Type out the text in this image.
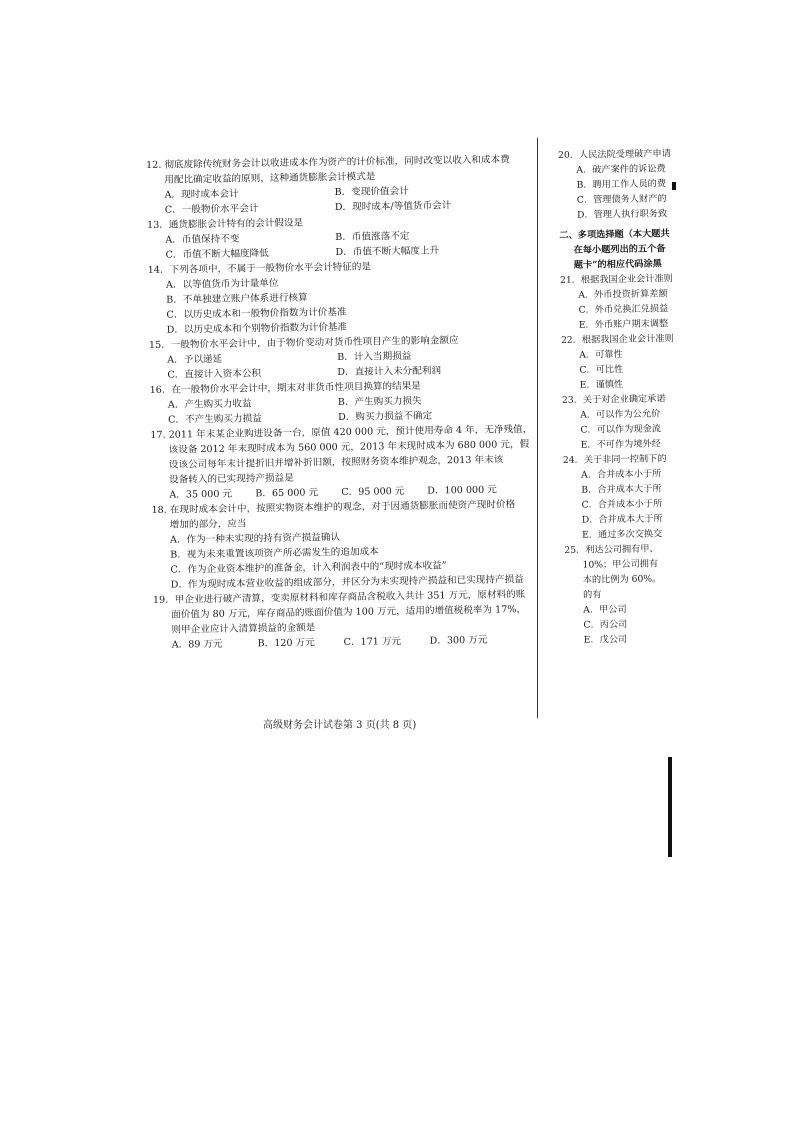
12. 彻底废除传统财务会计以收进成本作为资产的计价标准，同时改变以收入和成本费
用配比确定收益的原则，这种通货膨胀会计模式是
A．现时成本会计	B．变现价值会计
C．一般物价水平会计	D．现时成本/等值货币会计
13．通货膨胀会计特有的会计假设是
A．币值保持不变	B．币值涨落不定
C．币值不断大幅度降低	D．币值不断大幅度上升
14．下列各项中，不属于一般物价水平会计特征的是
A．以等值货币为计量单位
B．不单独建立账户体系进行核算
C．以历史成本和一般物价指数为计价基准
D．以历史成本和个别物价指数为计价基准
15．一般物价水平会计中，由于物价变动对货币性项目产生的影响金额应
A．予以递延	B．计入当期损益
C．直接计入资本公积	D．直接计入未分配利润
16．在一般物价水平会计中，期末对非货币性项目换算的结果是
A．产生购买力收益	B．产生购买力损失
C．不产生购买力损益	D．购买力损益不确定
17. 2011 年末某企业购进设备一台，原值 420 000 元，预计使用寿命 4 年，无净残值，
该设备 2012 年末现时成本为 560 000 元，2013 年末现时成本为 680 000 元，假
设该公司每年末计提折旧并增补折旧额，按照财务资本维护观念，2013 年末该
设备转入的已实现持产损益是
A．35 000 元	B．65 000 元	C．95 000 元	D．100 000 元
18. 在现时成本会计中，按照实物资本维护的观念，对于因通货膨胀而使资产现时价格
增加的部分，应当
A．作为一种未实现的持有资产损益确认
B．视为未来重置该项资产所必需发生的追加成本
C．作为企业资本维护的准备金，计入利润表中的“现时成本收益”
D．作为现时成本营业收益的组成部分，并区分为未实现持产损益和已实现持产损益
19．甲企业进行破产清算，变卖原材料和库存商品含税收入共计 351 万元，原材料的账
面价值为 80 万元，库存商品的账面价值为 100 万元，适用的增值税税率为 17%，
则甲企业应计入清算损益的金额是
A．89 万元	B．120 万元	C．171 万元	D．300 万元
高级财务会计试卷第 3 页(共 8 页)
20．人民法院受理破产申请
A．破产案件的诉讼费
B．聘用工作人员的费
C．管理债务人财产的
D．管理人执行职务致
二、多项选择题（本大题共
在每小题列出的五个备
题卡”的相应代码涂黑
21．根据我国企业会计准则
A．外币投资折算差额
C．外币兑换汇兑损益
E．外币账户期末调整
22．根据我国企业会计准则
A．可靠性
C．可比性
E．谨慎性
23．关于对企业确定承诺
A．可以作为公允价
C．可以作为现金流
E．不可作为境外经
24．关于非同一控制下的
A．合并成本小于所
B．合并成本大于所
C．合并成本小于所
D．合并成本大于所
E．通过多次交换交
25．利达公司拥有甲、
10%；甲公司拥有
本的比例为 60%。
的有
A．甲公司
C．丙公司
E．戊公司
